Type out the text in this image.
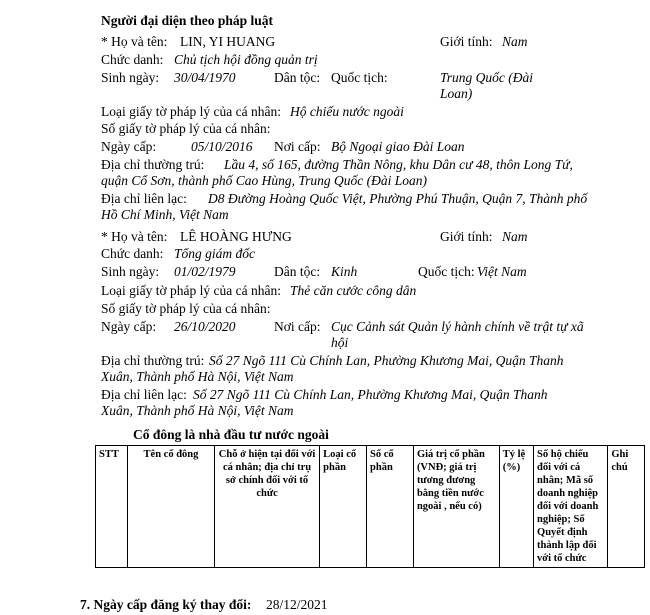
Người đại diện theo pháp luật
* Họ và tên: LIN, YI HUANG	Giới tính: Nam
Chức danh: Chủ tịch hội đồng quản trị
Sinh ngày: 30/04/1970	Dân tộc: Quốc tịch:	Trung Quốc (Đài
Loan)
Loại giấy tờ pháp lý của cá nhân: Hộ chiếu nước ngoài
Số giấy tờ pháp lý của cá nhân:
Ngày cấp:	05/10/2016 Nơi cấp: Bộ Ngoại giao Đài Loan
Địa chỉ thường trú: Lầu 4, số 165, đường Thần Nông, khu Dân cư 48, thôn Long Tứ,
quận Cổ Sơn, thành phố Cao Hùng, Trung Quốc (Đài Loan)
Địa chỉ liên lạc: D8 Đường Hoàng Quốc Việt, Phường Phú Thuận, Quận 7, Thành phố
Hồ Chí Minh, Việt Nam
* Họ và tên: LÊ HOÀNG HƯNG	Giới tính: Nam
Chức danh: Tổng giám đốc
Sinh ngày: 01/02/1979	Dân tộc: Kinh	Quốc tịch: Việt Nam
Loại giấy tờ pháp lý của cá nhân: Thẻ căn cước công dân
Số giấy tờ pháp lý của cá nhân:
Ngày cấp: 26/10/2020	Nơi cấp: Cục Cảnh sát Quản lý hành chính về trật tự xã
hội
Địa chỉ thường trú: Số 27 Ngõ 111 Cù Chính Lan, Phường Khương Mai, Quận Thanh
Xuân, Thành phố Hà Nội, Việt Nam
Địa chỉ liên lạc: Số 27 Ngõ 111 Cù Chính Lan, Phường Khương Mai, Quận Thanh
Xuân, Thành phố Hà Nội, Việt Nam
Cổ đông là nhà đầu tư nước ngoài
STT	Tên cổ đông	Chỗ ở hiện tại đối với cá nhân; địa chỉ trụ sở chính đối với tổ chức	Loại cổ phần	Số cổ phần	Giá trị cổ phần (VNĐ; giá trị tương đương bằng tiền nước ngoài , nếu có)	Tỷ lệ (%)	Số hộ chiếu đối với cá nhân; Mã số doanh nghiệp đối với doanh nghiệp; Số Quyết định thành lập đối với tổ chức	Ghi chú
7. Ngày cấp đăng ký thay đổi: 28/12/2021
